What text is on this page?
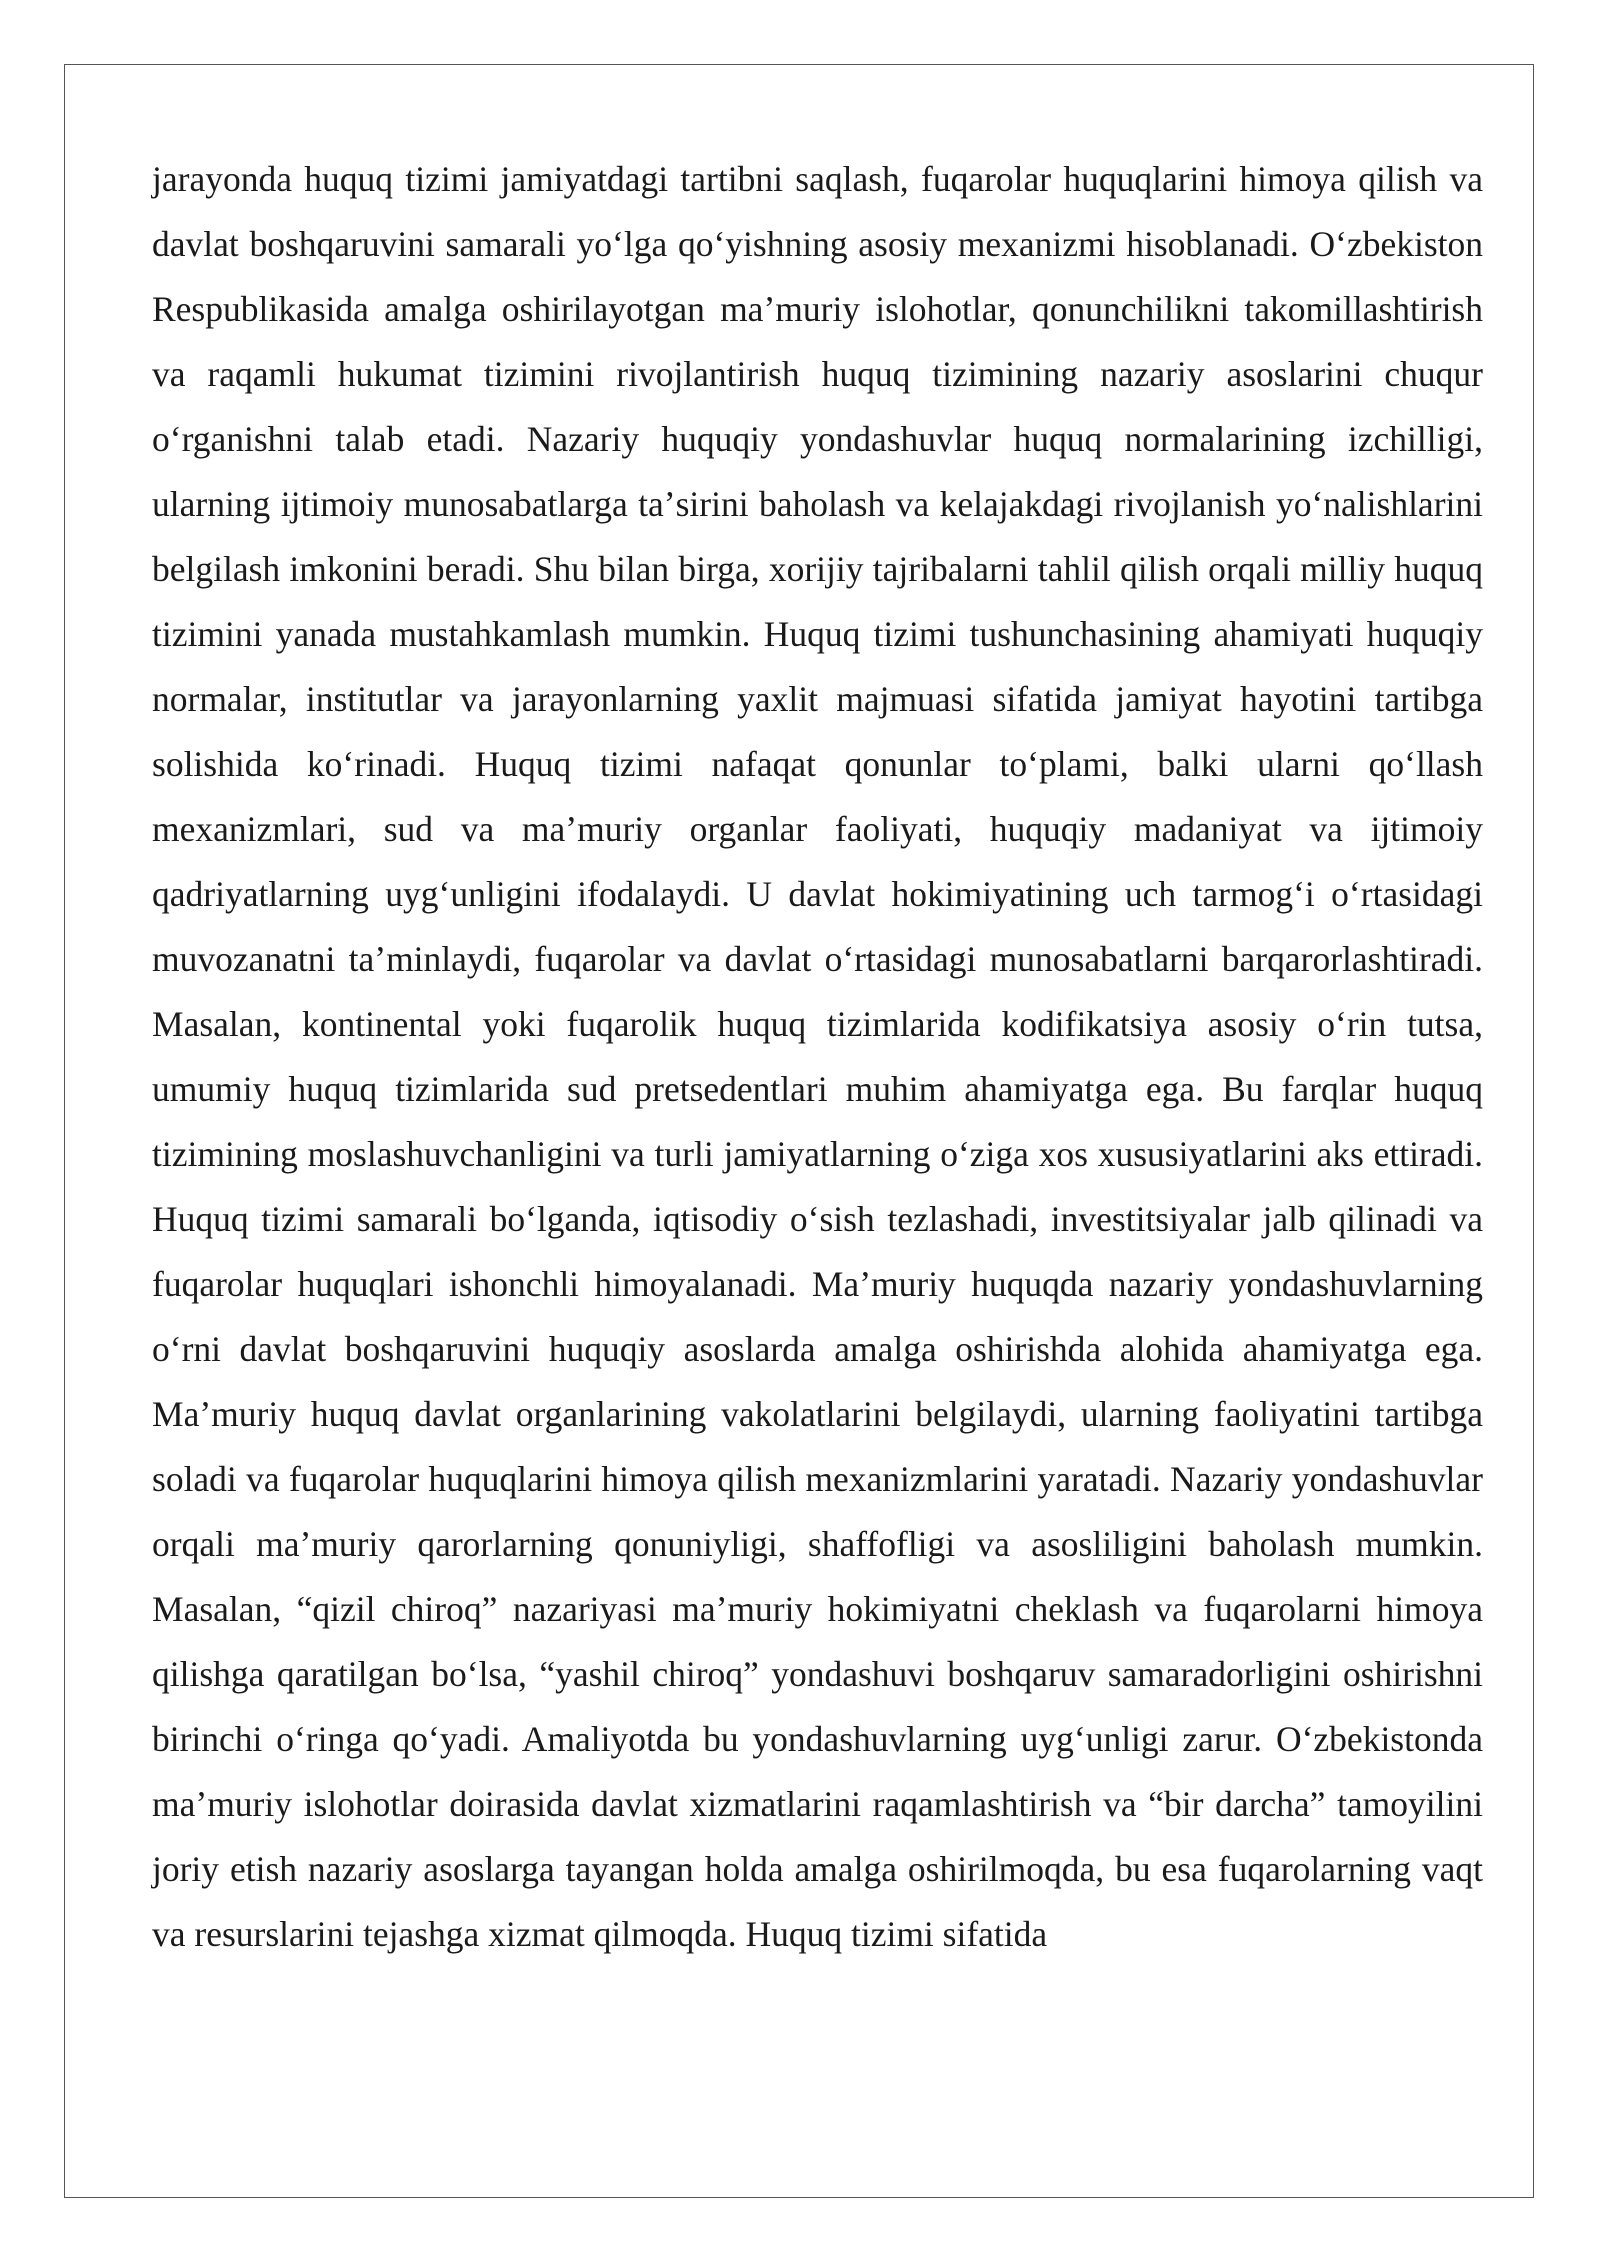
jarayonda huquq tizimi jamiyatdagi tartibni saqlash, fuqarolar huquqlarini himoya qilish va davlat boshqaruvini samarali yoʻlga qoʻyishning asosiy mexanizmi hisoblanadi. Oʻzbekiston Respublikasida amalga oshirilayotgan maʼmuriy islohotlar, qonunchilikni takomillashtirish va raqamli hukumat tizimini rivojlantirish huquq tizimining nazariy asoslarini chuqur oʻrganishni talab etadi. Nazariy huquqiy yondashuvlar huquq normalarining izchilligi, ularning ijtimoiy munosabatlarga taʼsirini baholash va kelajakdagi rivojlanish yoʻnalishlarini belgilash imkonini beradi. Shu bilan birga, xorijiy tajribalarni tahlil qilish orqali milliy huquq tizimini yanada mustahkamlash mumkin. Huquq tizimi tushunchasining ahamiyati huquqiy normalar, institutlar va jarayonlarning yaxlit majmuasi sifatida jamiyat hayotini tartibga solishida koʻrinadi. Huquq tizimi nafaqat qonunlar toʻplami, balki ularni qoʻllash mexanizmlari, sud va maʼmuriy organlar faoliyati, huquqiy madaniyat va ijtimoiy qadriyatlarning uygʻunligini ifodalaydi. U davlat hokimiyatining uch tarmogʻi oʻrtasidagi muvozanatni taʼminlaydi, fuqarolar va davlat oʻrtasidagi munosabatlarni barqarorlashtiradi. Masalan, kontinental yoki fuqarolik huquq tizimlarida kodifikatsiya asosiy oʻrin tutsa, umumiy huquq tizimlarida sud pretsedentlari muhim ahamiyatga ega. Bu farqlar huquq tizimining moslashuvchanligini va turli jamiyatlarning oʻziga xos xususiyatlarini aks ettiradi. Huquq tizimi samarali boʻlganda, iqtisodiy oʻsish tezlashadi, investitsiyalar jalb qilinadi va fuqarolar huquqlari ishonchli himoyalanadi. Maʼmuriy huquqda nazariy yondashuvlarning oʻrni davlat boshqaruvini huquqiy asoslarda amalga oshirishda alohida ahamiyatga ega. Maʼmuriy huquq davlat organlarining vakolatlarini belgilaydi, ularning faoliyatini tartibga soladi va fuqarolar huquqlarini himoya qilish mexanizmlarini yaratadi. Nazariy yondashuvlar orqali maʼmuriy qarorlarning qonuniyligi, shaffofligi va asosliligini baholash mumkin. Masalan, “qizil chiroq” nazariyasi maʼmuriy hokimiyatni cheklash va fuqarolarni himoya qilishga qaratilgan boʻlsa, “yashil chiroq” yondashuvi boshqaruv samaradorligini oshirishni birinchi oʻringa qoʻyadi. Amaliyotda bu yondashuvlarning uygʻunligi zarur. Oʻzbekistonda maʼmuriy islohotlar doirasida davlat xizmatlarini raqamlashtirish va “bir darcha” tamoyilini joriy etish nazariy asoslarga tayangan holda amalga oshirilmoqda, bu esa fuqarolarning vaqt va resurslarini tejashga xizmat qilmoqda. Huquq tizimi sifatida
